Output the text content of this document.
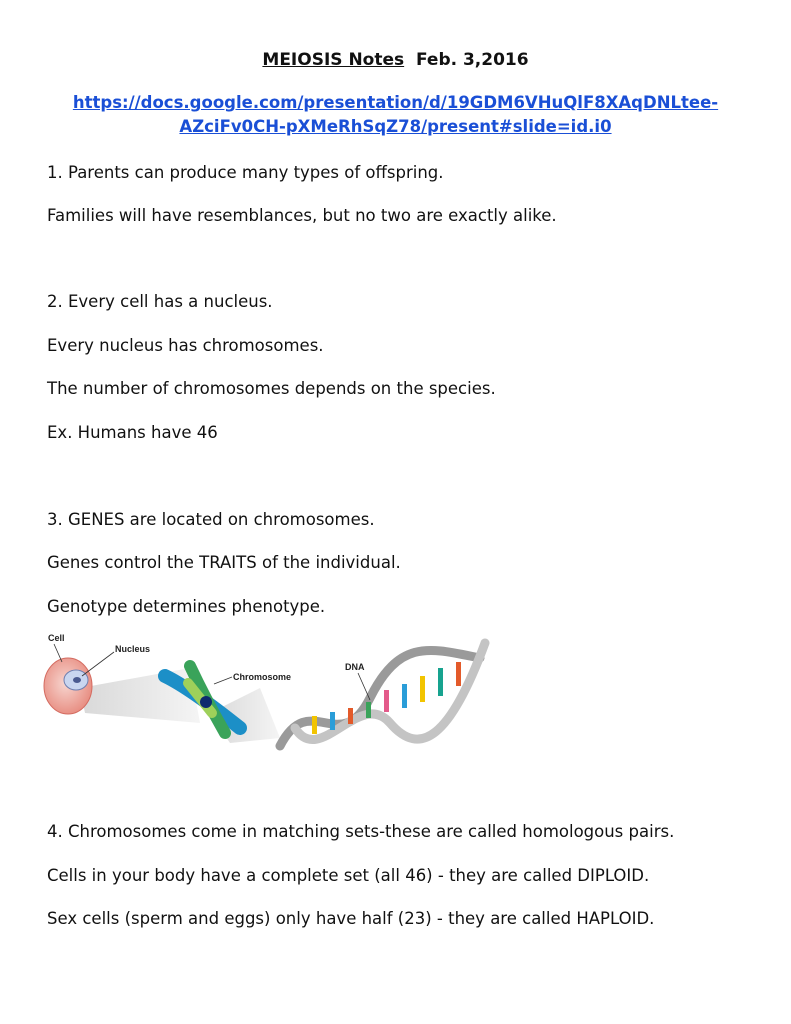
MEIOSIS Notes Feb. 3,2016
https://docs.google.com/presentation/d/19GDM6VHuQlF8XAqDNLtee-
AZciFv0CH-pXMeRhSqZ78/present#slide=id.i0
1. Parents can produce many types of offspring.
Families will have resemblances, but no two are exactly alike.
2. Every cell has a nucleus.
Every nucleus has chromosomes.
The number of chromosomes depends on the species.
Ex. Humans have 46
3. GENES are located on chromosomes.
Genes control the TRAITS of the individual.
Genotype determines phenotype.
Cell
Nucleus
Chromosome
DNA
4. Chromosomes come in matching sets-these are called homologous pairs.
Cells in your body have a complete set (all 46) - they are called DIPLOID.
Sex cells (sperm and eggs) only have half (23) - they are called HAPLOID.
